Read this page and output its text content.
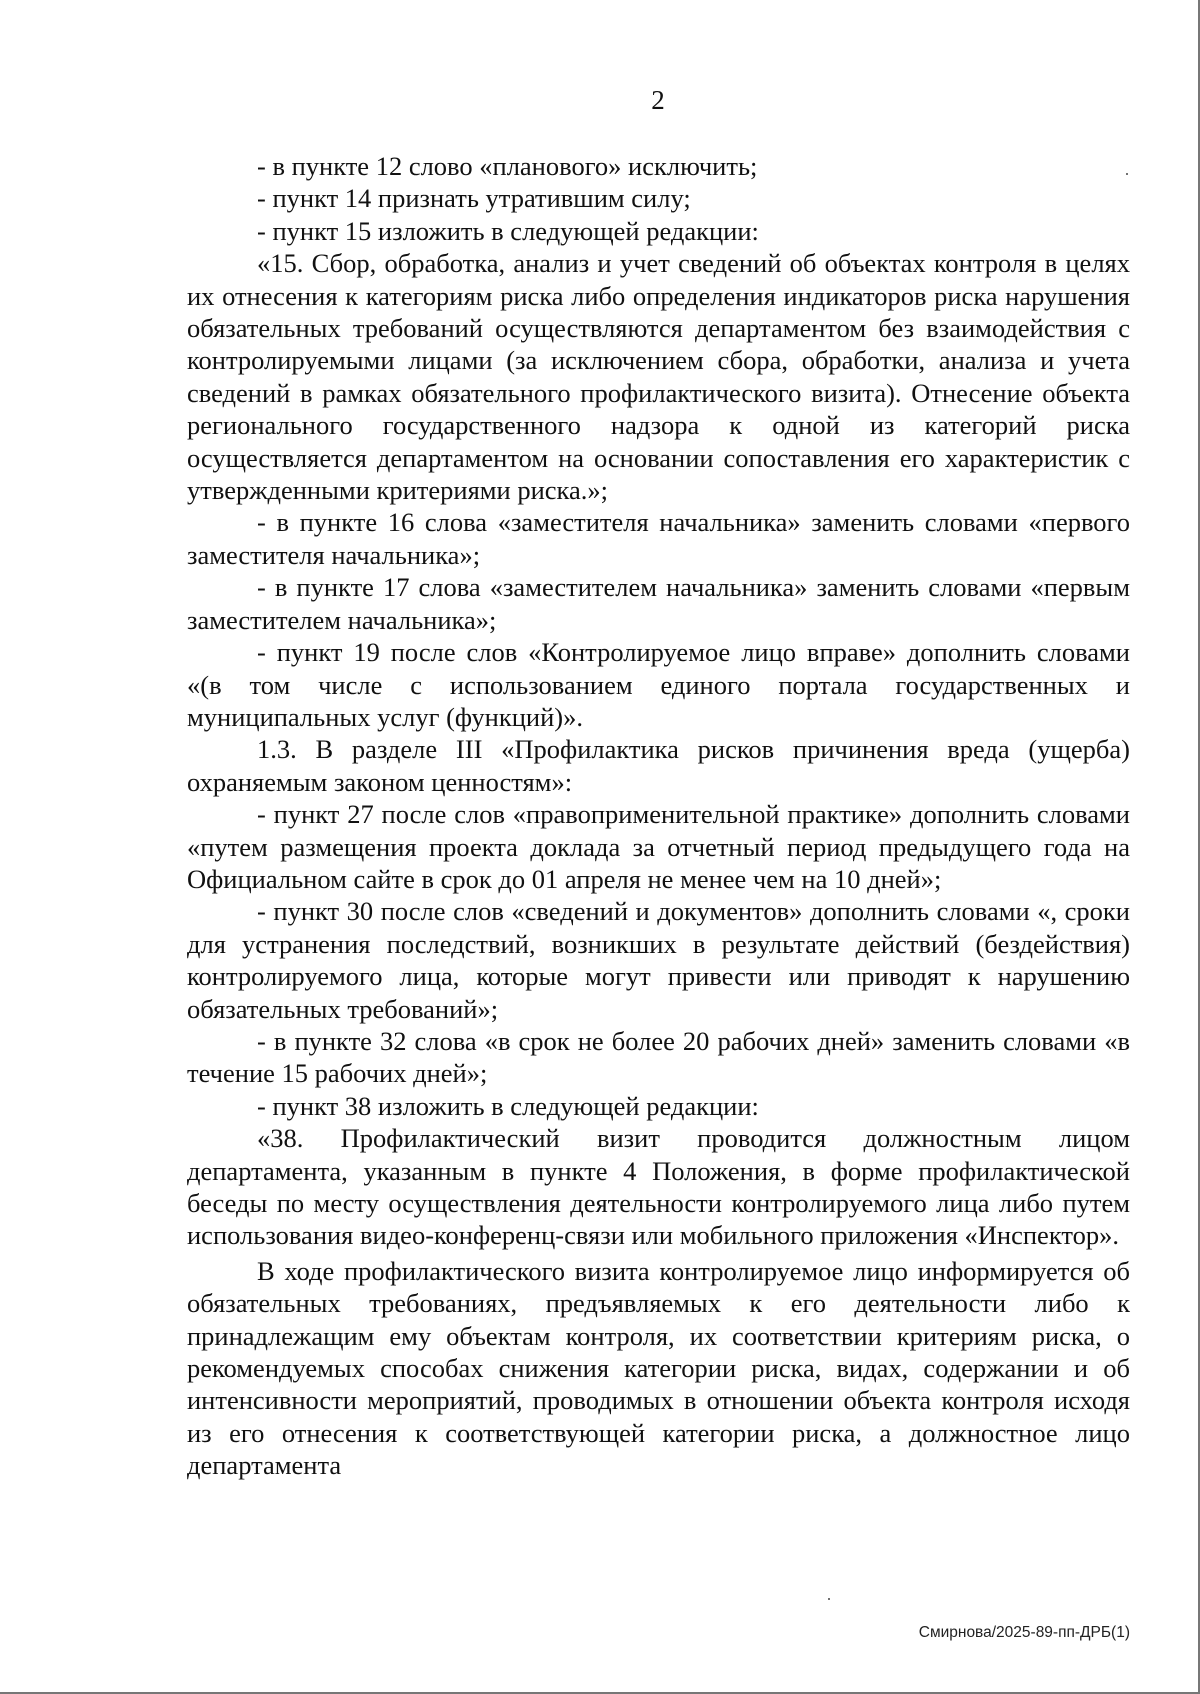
2

- в пункте 12 слово «планового» исключить;

- пункт 14 признать утратившим силу;

- пункт 15 изложить в следующей редакции:

«15. Сбор, обработка, анализ и учет сведений об объектах контроля в целях их отнесения к категориям риска либо определения индикаторов риска нарушения обязательных требований осуществляются департаментом без взаимодействия с контролируемыми лицами (за исключением сбора, обработки, анализа и учета сведений в рамках обязательного профилактического визита). Отнесение объекта регионального государственного надзора к одной из категорий риска осуществляется департаментом на основании сопоставления его характеристик с утвержденными критериями риска.»;

- в пункте 16 слова «заместителя начальника» заменить словами «первого заместителя начальника»;

- в пункте 17 слова «заместителем начальника» заменить словами «первым заместителем начальника»;

- пункт 19 после слов «Контролируемое лицо вправе» дополнить словами «(в том числе с использованием единого портала государственных и муниципальных услуг (функций)».

1.3. В разделе III «Профилактика рисков причинения вреда (ущерба) охраняемым законом ценностям»:

- пункт 27 после слов «правоприменительной практике» дополнить словами «путем размещения проекта доклада за отчетный период предыдущего года на Официальном сайте в срок до 01 апреля не менее чем на 10 дней»;

- пункт 30 после слов «сведений и документов» дополнить словами «, сроки для устранения последствий, возникших в результате действий (бездействия) контролируемого лица, которые могут привести или приводят к нарушению обязательных требований»;

- в пункте 32 слова «в срок не более 20 рабочих дней» заменить словами «в течение 15 рабочих дней»;

- пункт 38 изложить в следующей редакции:

«38. Профилактический визит проводится должностным лицом департамента, указанным в пункте 4 Положения, в форме профилактической беседы по месту осуществления деятельности контролируемого лица либо путем использования видео-конференц-связи или мобильного приложения «Инспектор».

В ходе профилактического визита контролируемое лицо информируется об обязательных требованиях, предъявляемых к его деятельности либо к принадлежащим ему объектам контроля, их соответствии критериям риска, о рекомендуемых способах снижения категории риска, видах, содержании и об интенсивности мероприятий, проводимых в отношении объекта контроля исходя из его отнесения к соответствующей категории риска, а должностное лицо департамента

Смирнова/2025-89-пп-ДРБ(1)
